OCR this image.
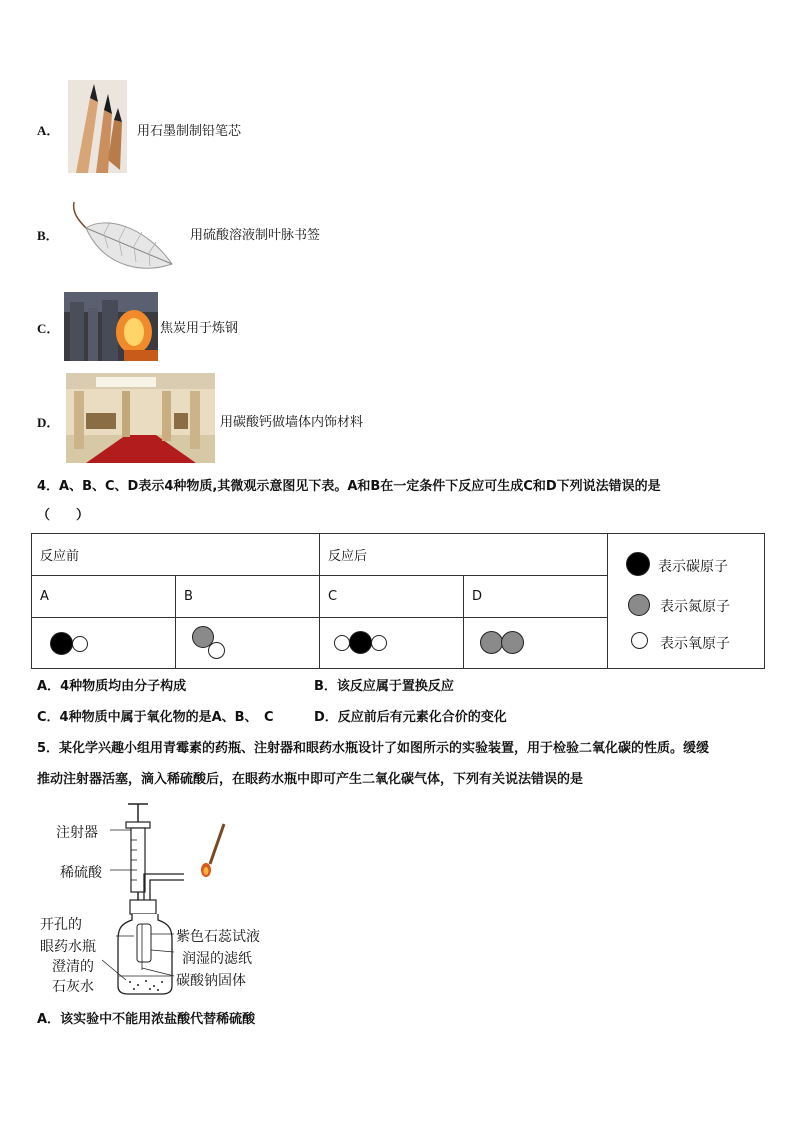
A．	用石墨制制铅笔芯
B．	用硫酸溶液制叶脉书签
C．	焦炭用于炼钢
D．	用碳酸钙做墙体内饰材料
4．A、B、C、D表示4种物质,其微观示意图见下表。A和B在一定条件下反应可生成C和D下列说法错误的是
（　　）
反应前		反应后		表示碳原子
表示氮原子
表示氧原子

A	B	C	D	

A．4种物质均由分子构成	B．该反应属于置换反应
C．4种物质中属于氧化物的是A、B、　C	D．反应前后有元素化合价的变化
5．某化学兴趣小组用青霉素的药瓶、注射器和眼药水瓶设计了如图所示的实验装置，用于检验二氧化碳的性质。缓缓
推动注射器活塞，滴入稀硫酸后，在眼药水瓶中即可产生二氧化碳气体，下列有关说法错误的是
注射器
稀硫酸
开孔的
眼药水瓶
澄清的
石灰水
紫色石蕊试液
润湿的滤纸
碳酸钠固体
A．该实验中不能用浓盐酸代替稀硫酸
